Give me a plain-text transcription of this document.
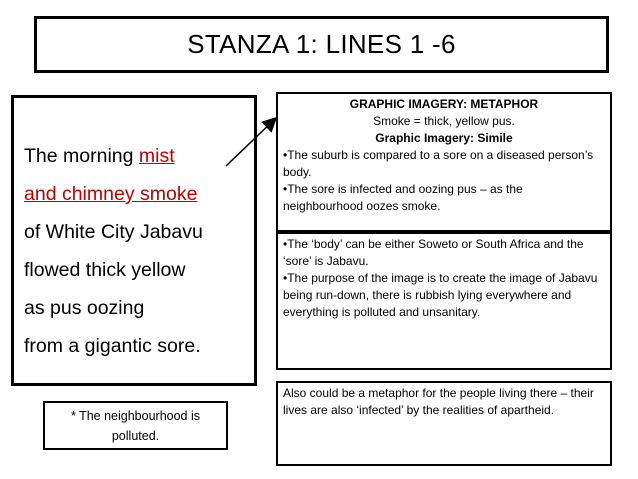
STANZA 1: LINES 1 -6
The morning mist
and chimney smoke
of White City Jabavu
flowed thick yellow
as pus oozing
from a gigantic sore.
* The neighbourhood is polluted.
GRAPHIC IMAGERY: METAPHOR
Smoke = thick, yellow pus.
Graphic Imagery: Simile
•The suburb is compared to a sore on a diseased person’s body.
•The sore is infected and oozing pus – as the neighbourhood oozes smoke.
•The ‘body’ can be either Soweto or South Africa and the ‘sore’ is Jabavu.
•The purpose of the image is to create the image of Jabavu being run-down, there is rubbish lying everywhere and everything is polluted and unsanitary.
Also could be a metaphor for the people living there – their lives are also ‘infected’ by the realities of apartheid.
